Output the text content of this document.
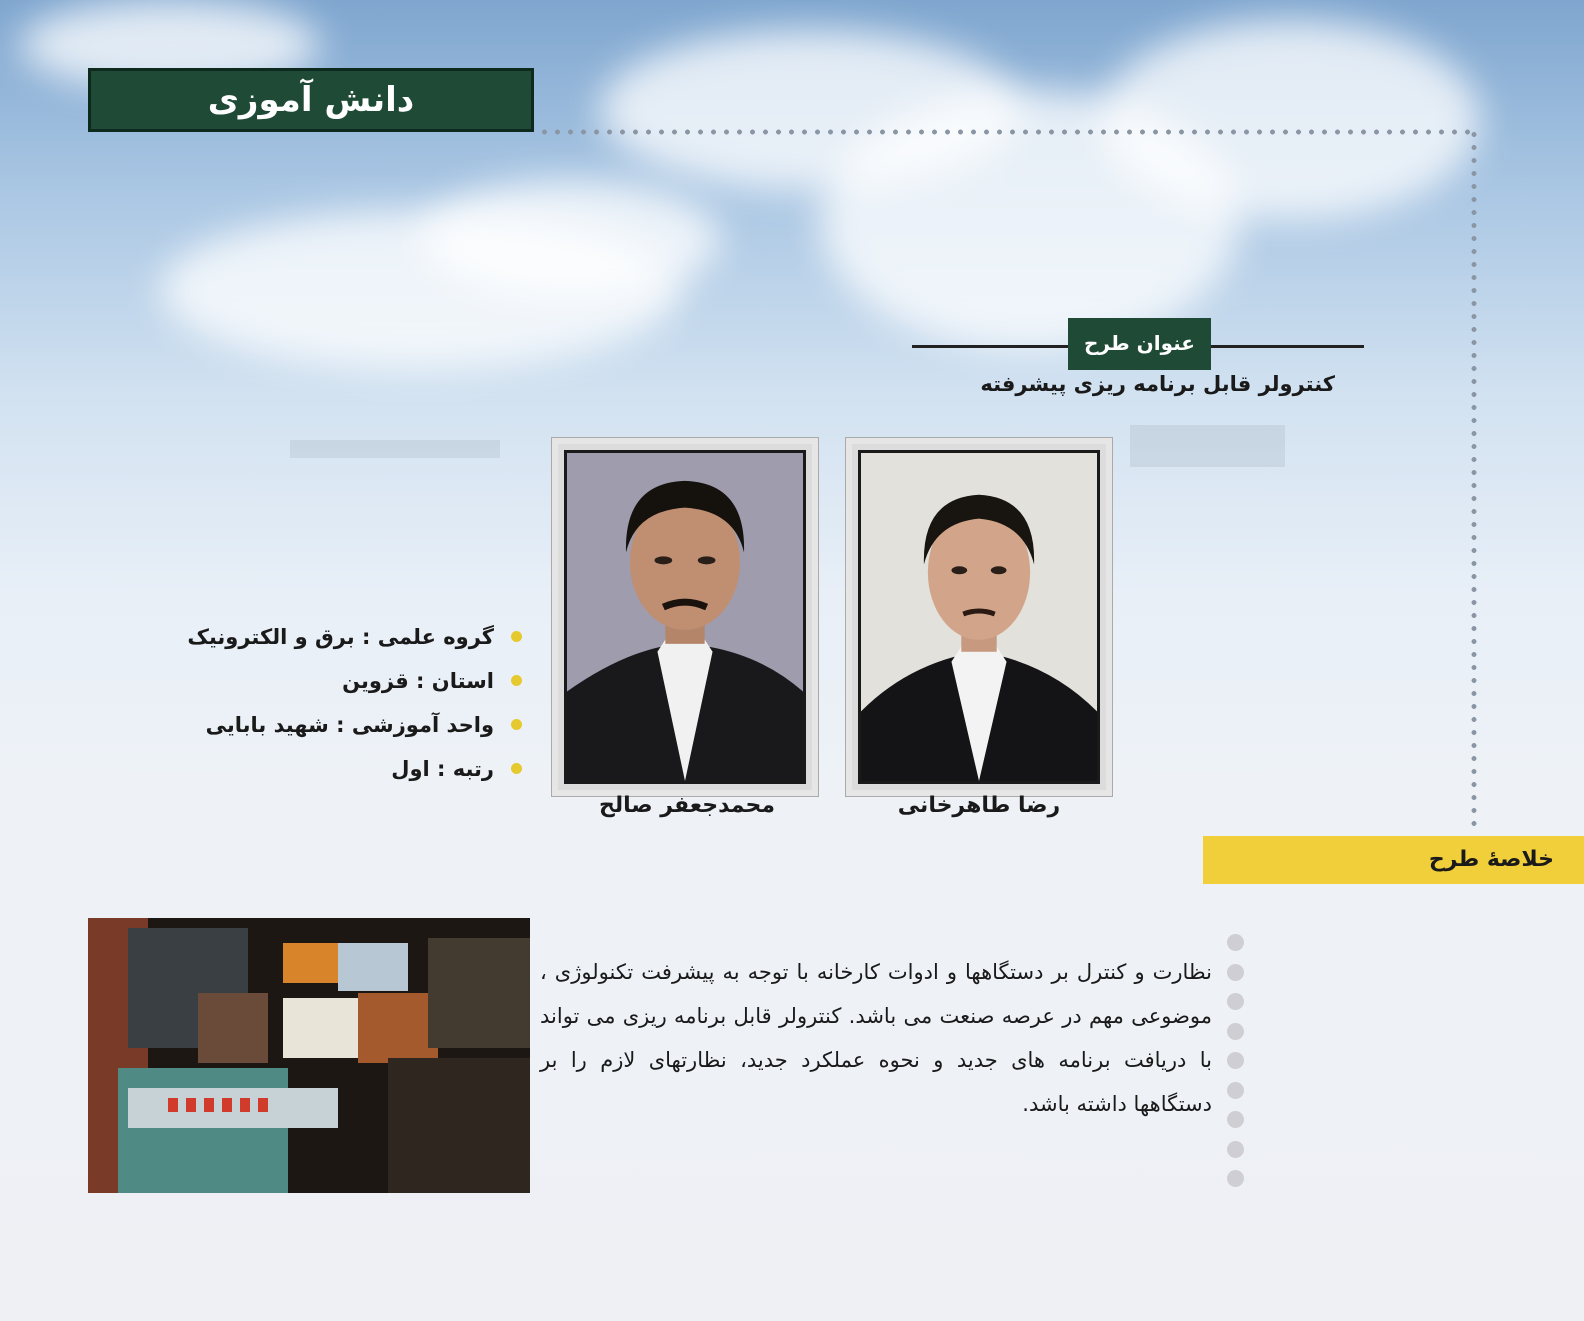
دانش آموزی
عنوان طرح
کنترولر قابل برنامه ریزی پیشرفته
رضا طاهرخانی
محمدجعفر صالح
گروه علمی : برق و الکترونیک
استان : قزوین
واحد آموزشی : شهید بابایی
رتبه : اول
خلاصهٔ طرح
نظارت و کنترل بر دستگاهها و ادوات کارخانه با توجه به پیشرفت تکنولوژی ، موضوعی مهم در عرصه صنعت می باشد. کنترولر قابل برنامه ریزی می تواند با دریافت برنامه های جدید و نحوه عملکرد جدید، نظارتهای لازم را بر دستگاهها داشته باشد.
